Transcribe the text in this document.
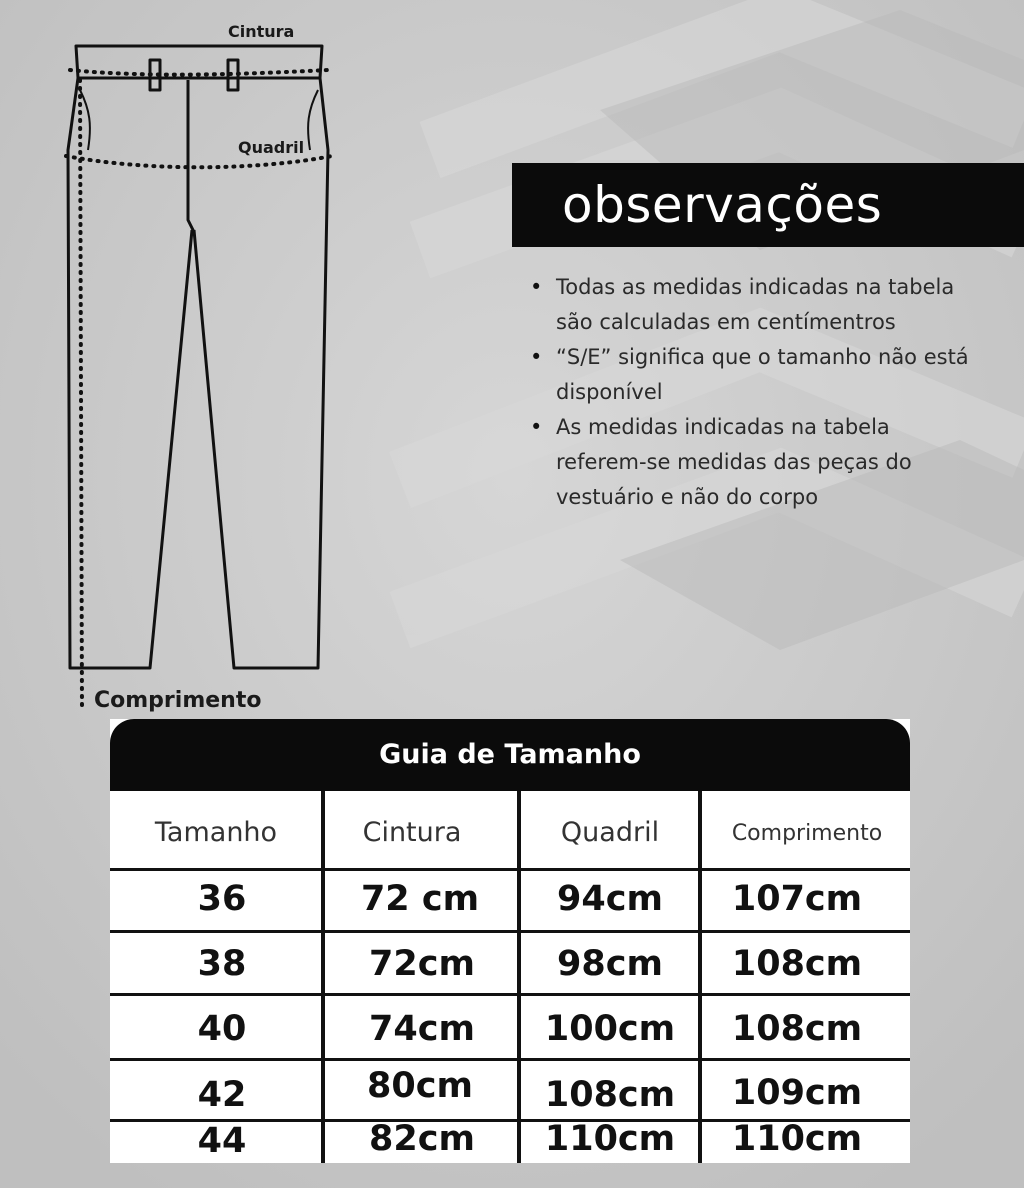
Cintura
Quadril
Comprimento
observações
• Todas as medidas indicadas na tabela são calculadas em centímentros
• “S/E” significa que o tamanho não está disponível
• As medidas indicadas na tabela referem-se medidas das peças do vestuário e não do corpo
Guia de Tamanho
Tamanho	Cintura	Quadril	Comprimento
36	72 cm	94cm	107cm
38	72cm	98cm	108cm
40	74cm	100cm	108cm
42	80cm	108cm	109cm
44	82cm	110cm	110cm
